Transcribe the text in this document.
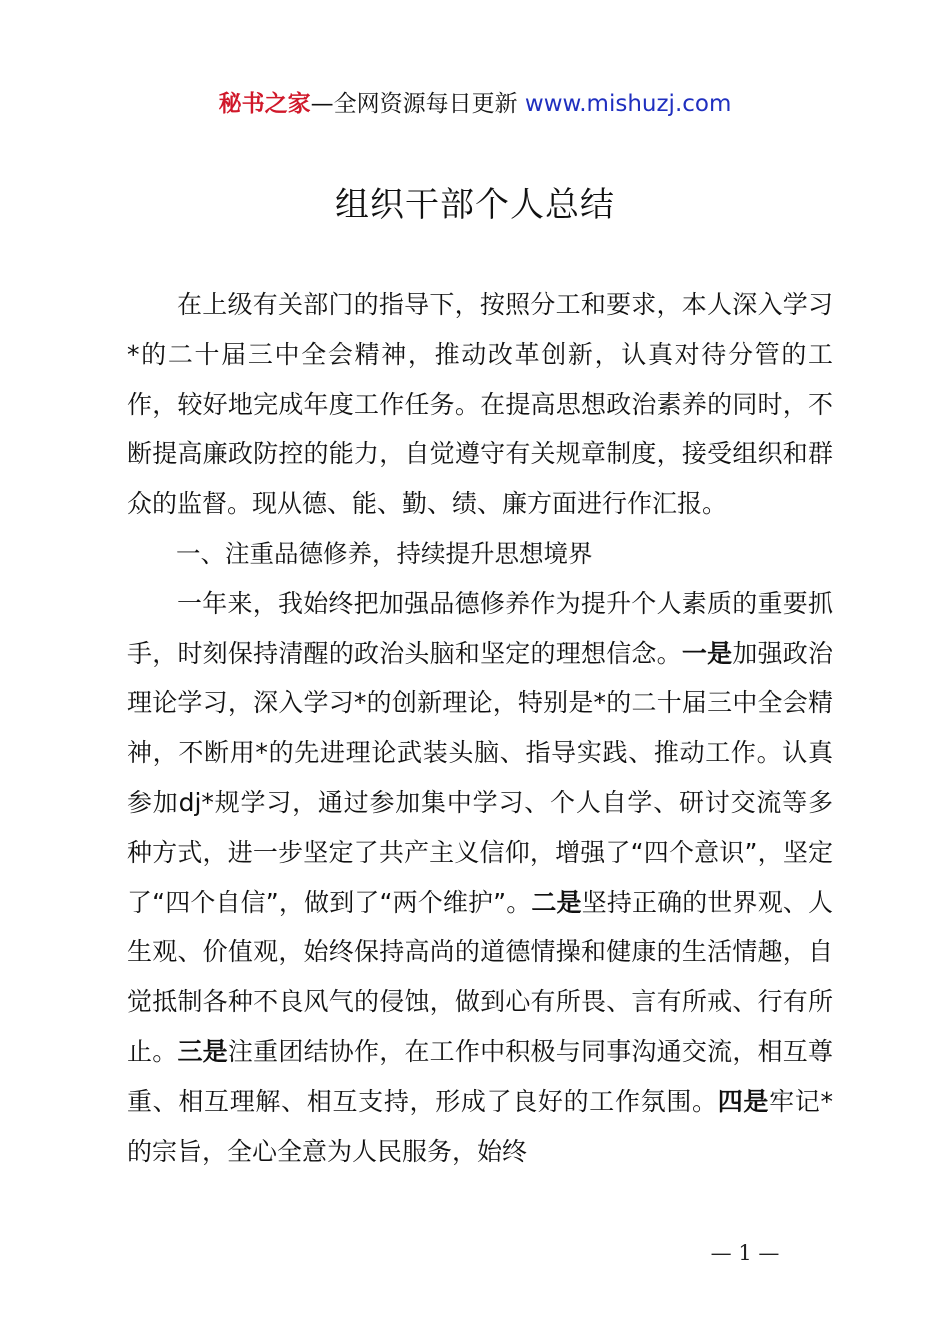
秘书之家—全网资源每日更新 www.mishuzj.com
组织干部个人总结

在上级有关部门的指导下，按照分工和要求，本人深入学习*的二十届三中全会精神，推动改革创新，认真对待分管的工作，较好地完成年度工作任务。在提高思想政治素养的同时，不断提高廉政防控的能力，自觉遵守有关规章制度，接受组织和群众的监督。现从德、能、勤、绩、廉方面进行作汇报。

一、注重品德修养，持续提升思想境界

一年来，我始终把加强品德修养作为提升个人素质的重要抓手，时刻保持清醒的政治头脑和坚定的理想信念。一是加强政治理论学习，深入学习*的创新理论，特别是*的二十届三中全会精神，不断用*的先进理论武装头脑、指导实践、推动工作。认真参加dj*规学习，通过参加集中学习、个人自学、研讨交流等多种方式，进一步坚定了共产主义信仰，增强了“四个意识”，坚定了“四个自信”，做到了“两个维护”。二是坚持正确的世界观、人生观、价值观，始终保持高尚的道德情操和健康的生活情趣，自觉抵制各种不良风气的侵蚀，做到心有所畏、言有所戒、行有所止。三是注重团结协作，在工作中积极与同事沟通交流，相互尊重、相互理解、相互支持，形成了良好的工作氛围。四是牢记*的宗旨，全心全意为人民服务，始终

— 1 —
